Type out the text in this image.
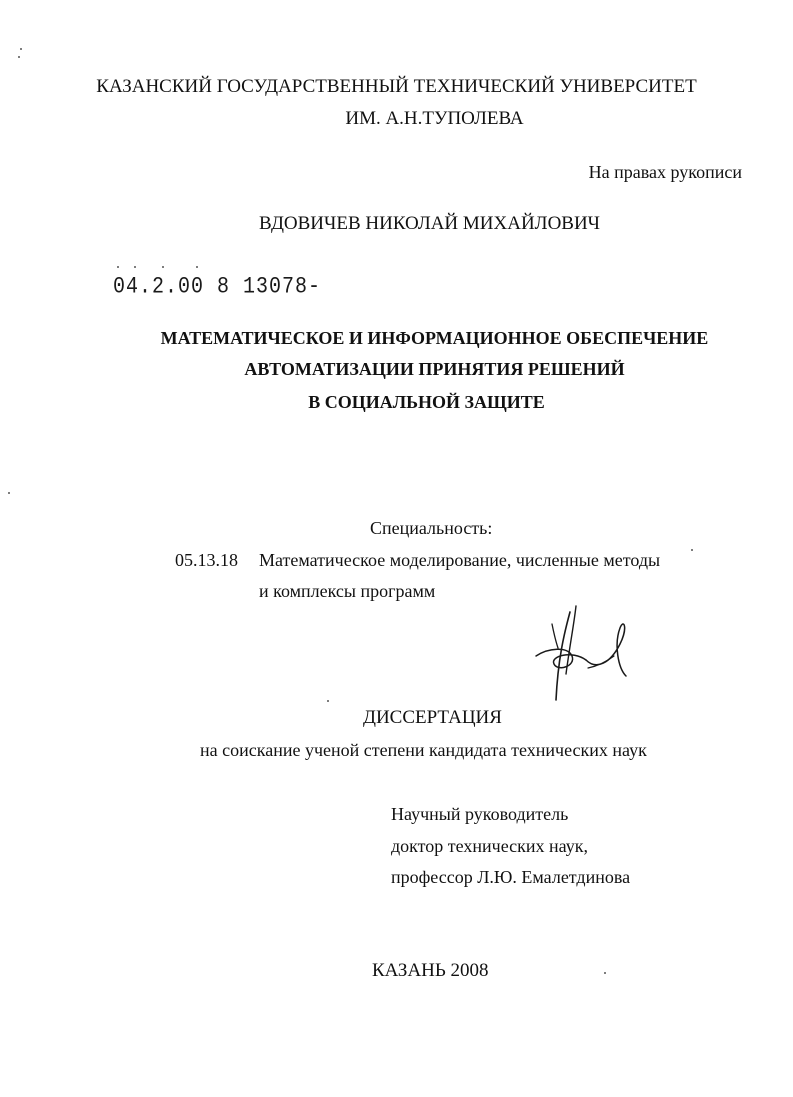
КАЗАНСКИЙ ГОСУДАРСТВЕННЫЙ ТЕХНИЧЕСКИЙ УНИВЕРСИТЕТ
ИМ. А.Н.ТУПОЛЕВА
На правах рукописи
ВДОВИЧЕВ НИКОЛАЙ МИХАЙЛОВИЧ
04.2.00 8 13078-
МАТЕМАТИЧЕСКОЕ И ИНФОРМАЦИОННОЕ ОБЕСПЕЧЕНИЕ
АВТОМАТИЗАЦИИ ПРИНЯТИЯ РЕШЕНИЙ
В СОЦИАЛЬНОЙ ЗАЩИТЕ
Специальность:
05.13.18 Математическое моделирование, численные методы
и комплексы программ
ДИССЕРТАЦИЯ
на соискание ученой степени кандидата технических наук
Научный руководитель
доктор технических наук,
профессор Л.Ю. Емалетдинова
КАЗАНЬ 2008
